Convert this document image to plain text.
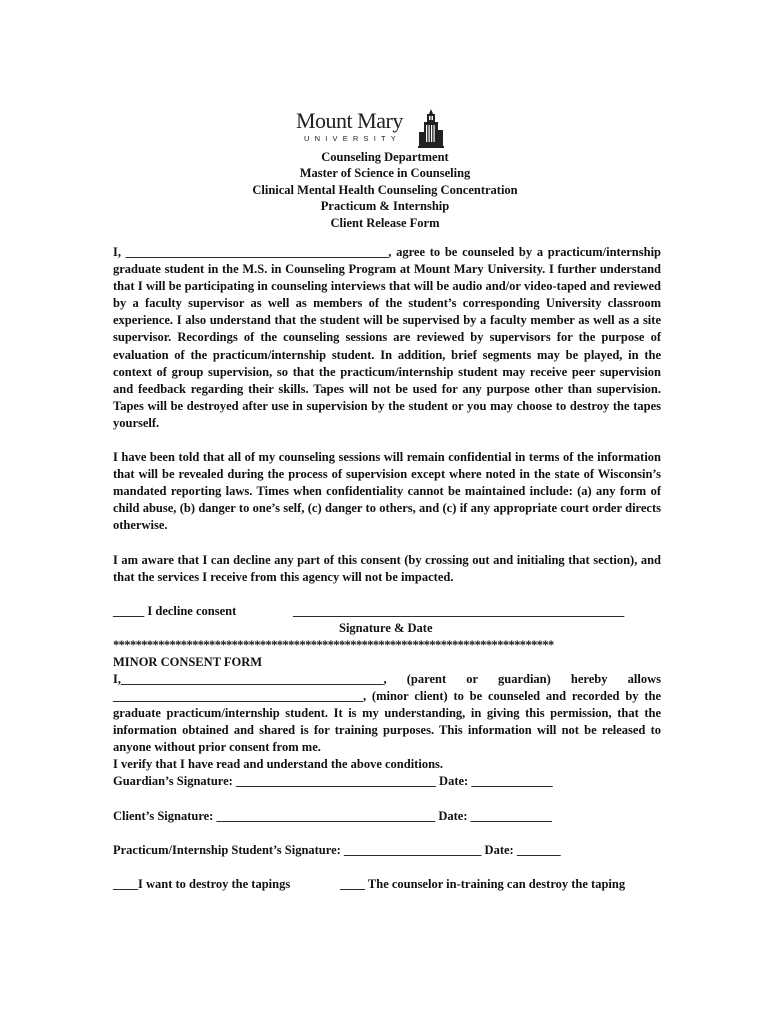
Mount Mary
UNIVERSITY
Counseling Department
Master of Science in Counseling
Clinical Mental Health Counseling Concentration
Practicum & Internship
Client Release Form

I, __________________________________________, agree to be counseled by a practicum/internship graduate student in the M.S. in Counseling Program at Mount Mary University. I further understand that I will be participating in counseling interviews that will be audio and/or video-taped and reviewed by a faculty supervisor as well as members of the student’s corresponding University classroom experience. I also understand that the student will be supervised by a faculty member as well as a site supervisor. Recordings of the counseling sessions are reviewed by supervisors for the purpose of evaluation of the practicum/internship student. In addition, brief segments may be played, in the context of group supervision, so that the practicum/internship student may receive peer supervision and feedback regarding their skills. Tapes will not be used for any purpose other than supervision. Tapes will be destroyed after use in supervision by the student or you may choose to destroy the tapes yourself.

I have been told that all of my counseling sessions will remain confidential in terms of the information that will be revealed during the process of supervision except where noted in the state of Wisconsin’s mandated reporting laws. Times when confidentiality cannot be maintained include: (a) any form of child abuse, (b) danger to one’s self, (c) danger to others, and (c) if any appropriate court order directs otherwise.

I am aware that I can decline any part of this consent (by crossing out and initialing that section), and that the services I receive from this agency will not be impacted.

_____ I decline consent	_____________________________________________________
Signature & Date
******************************************************************************
MINOR CONSENT FORM

I,__________________________________________, (parent or guardian) hereby allows ________________________________________, (minor client) to be counseled and recorded by the graduate practicum/internship student. It is my understanding, in giving this permission, that the information obtained and shared is for training purposes. This information will not be released to anyone without prior consent from me.

I verify that I have read and understand the above conditions.
Guardian’s Signature: ________________________________ Date: _____________
Client’s Signature: ___________________________________ Date: _____________
Practicum/Internship Student’s Signature: ______________________ Date: _______
____I want to destroy the tapings	____ The counselor in-training can destroy the taping
